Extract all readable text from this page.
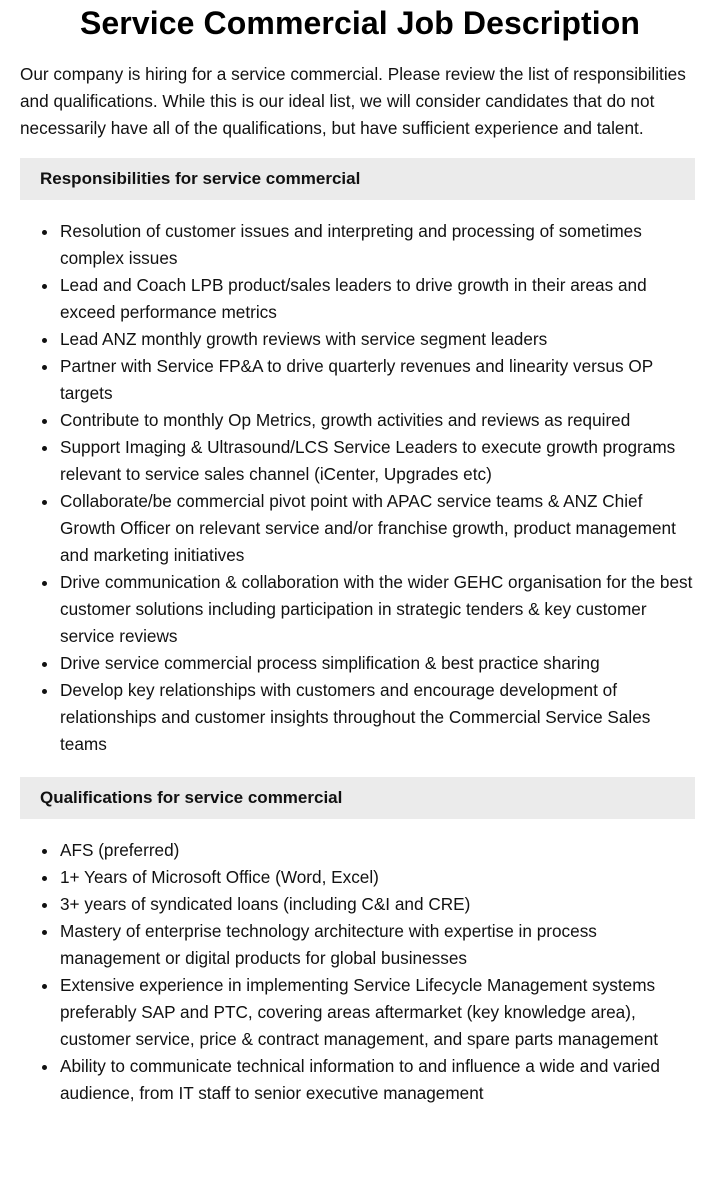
Service Commercial Job Description

Our company is hiring for a service commercial. Please review the list of responsibilities and qualifications. While this is our ideal list, we will consider candidates that do not necessarily have all of the qualifications, but have sufficient experience and talent.

Responsibilities for service commercial
Resolution of customer issues and interpreting and processing of sometimes complex issues
Lead and Coach LPB product/sales leaders to drive growth in their areas and exceed performance metrics
Lead ANZ monthly growth reviews with service segment leaders
Partner with Service FP&A to drive quarterly revenues and linearity versus OP targets
Contribute to monthly Op Metrics, growth activities and reviews as required
Support Imaging & Ultrasound/LCS Service Leaders to execute growth programs relevant to service sales channel (iCenter, Upgrades etc)
Collaborate/be commercial pivot point with APAC service teams & ANZ Chief Growth Officer on relevant service and/or franchise growth, product management and marketing initiatives
Drive communication & collaboration with the wider GEHC organisation for the best customer solutions including participation in strategic tenders & key customer service reviews
Drive service commercial process simplification & best practice sharing
Develop key relationships with customers and encourage development of relationships and customer insights throughout the Commercial Service Sales teams
Qualifications for service commercial
AFS (preferred)
1+ Years of Microsoft Office (Word, Excel)
3+ years of syndicated loans (including C&I and CRE)
Mastery of enterprise technology architecture with expertise in process management or digital products for global businesses
Extensive experience in implementing Service Lifecycle Management systems preferably SAP and PTC, covering areas aftermarket (key knowledge area), customer service, price & contract management, and spare parts management
Ability to communicate technical information to and influence a wide and varied audience, from IT staff to senior executive management
